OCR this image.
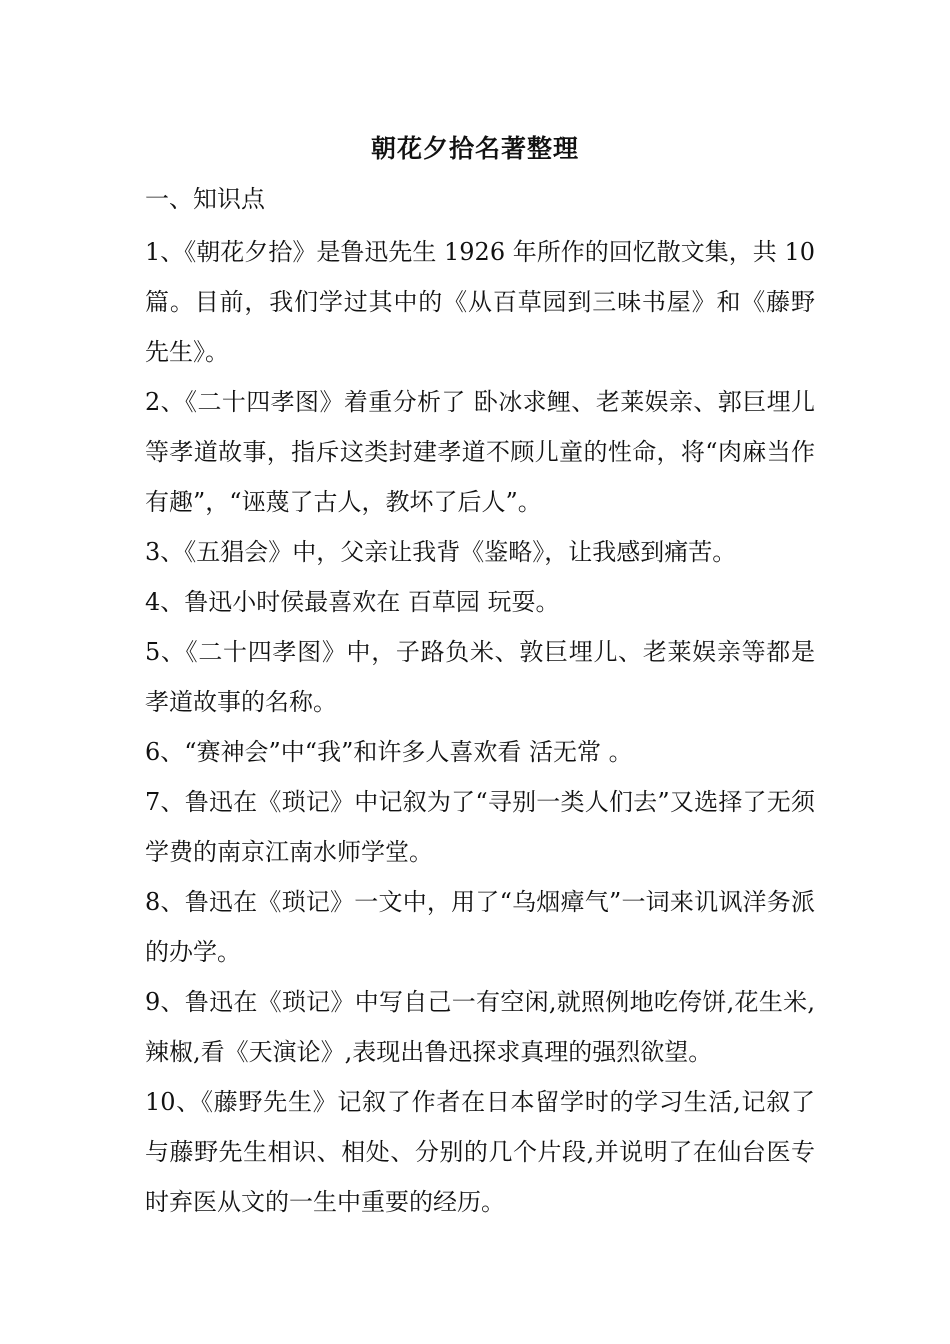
朝花夕拾名著整理
一、知识点

1、《朝花夕拾》是鲁迅先生 1926 年所作的回忆散文集，共 10 篇。目前，我们学过其中的《从百草园到三味书屋》和《藤野先生》。

2、《二十四孝图》着重分析了 卧冰求鲤、老莱娱亲、郭巨埋儿 等孝道故事，指斥这类封建孝道不顾儿童的性命，将“肉麻当作有趣”，“诬蔑了古人，教坏了后人”。

3、《五猖会》中，父亲让我背《鉴略》，让我感到痛苦。

4、鲁迅小时侯最喜欢在 百草园 玩耍。

5、《二十四孝图》中，子路负米、敦巨埋儿、老莱娱亲等都是孝道故事的名称。

6、“赛神会”中“我”和许多人喜欢看 活无常 。

7、鲁迅在《琐记》中记叙为了“寻别一类人们去”又选择了无须学费的南京江南水师学堂。

8、鲁迅在《琐记》一文中，用了“乌烟瘴气”一词来讥讽洋务派的办学。

9、鲁迅在《琐记》中写自己一有空闲,就照例地吃侉饼,花生米,辣椒,看《天演论》,表现出鲁迅探求真理的强烈欲望。

10、《藤野先生》记叙了作者在日本留学时的学习生活,记叙了与藤野先生相识、相处、分别的几个片段,并说明了在仙台医专时弃医从文的一生中重要的经历。
